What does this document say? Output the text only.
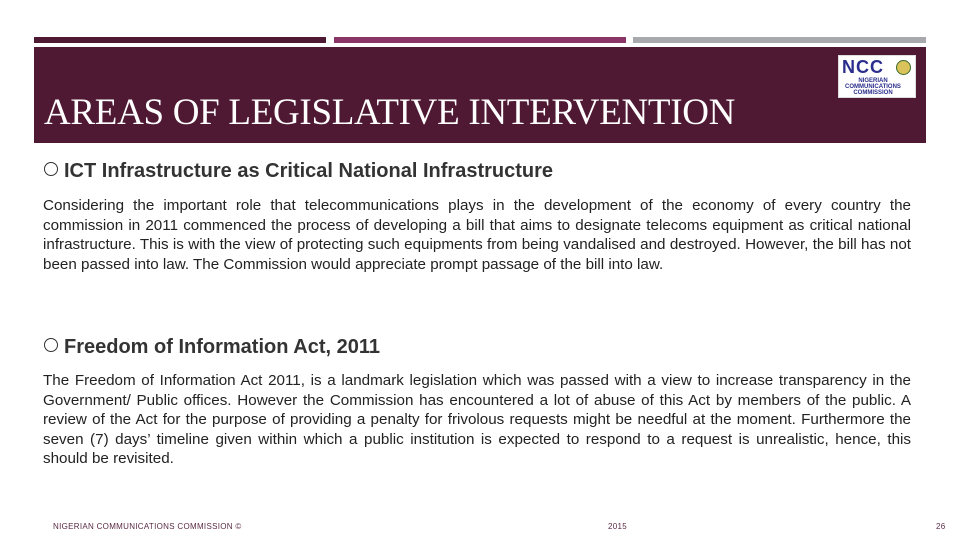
AREAS OF LEGISLATIVE INTERVENTION
NCC
NIGERIAN COMMUNICATIONS COMMISSION
ICT Infrastructure as Critical National Infrastructure
Considering the important role that telecommunications plays in the development of the economy of every country the commission in 2011 commenced the process of developing a bill that aims to designate telecoms equipment as critical national infrastructure. This is with the view of protecting such equipments from being vandalised and destroyed. However, the bill has not been passed into law. The Commission would appreciate prompt passage of the bill into law.
Freedom of Information Act, 2011
The Freedom of Information Act 2011, is a landmark legislation which was passed with a view to increase transparency in the Government/ Public offices. However the Commission has encountered a lot of abuse of this Act by members of the public. A review of the Act for the purpose of providing a penalty for frivolous requests might be needful at the moment. Furthermore the seven (7) days’ timeline given within which a public institution is expected to respond to a request is unrealistic, hence, this should be revisited.
NIGERIAN COMMUNICATIONS COMMISSION ©	2015	26
